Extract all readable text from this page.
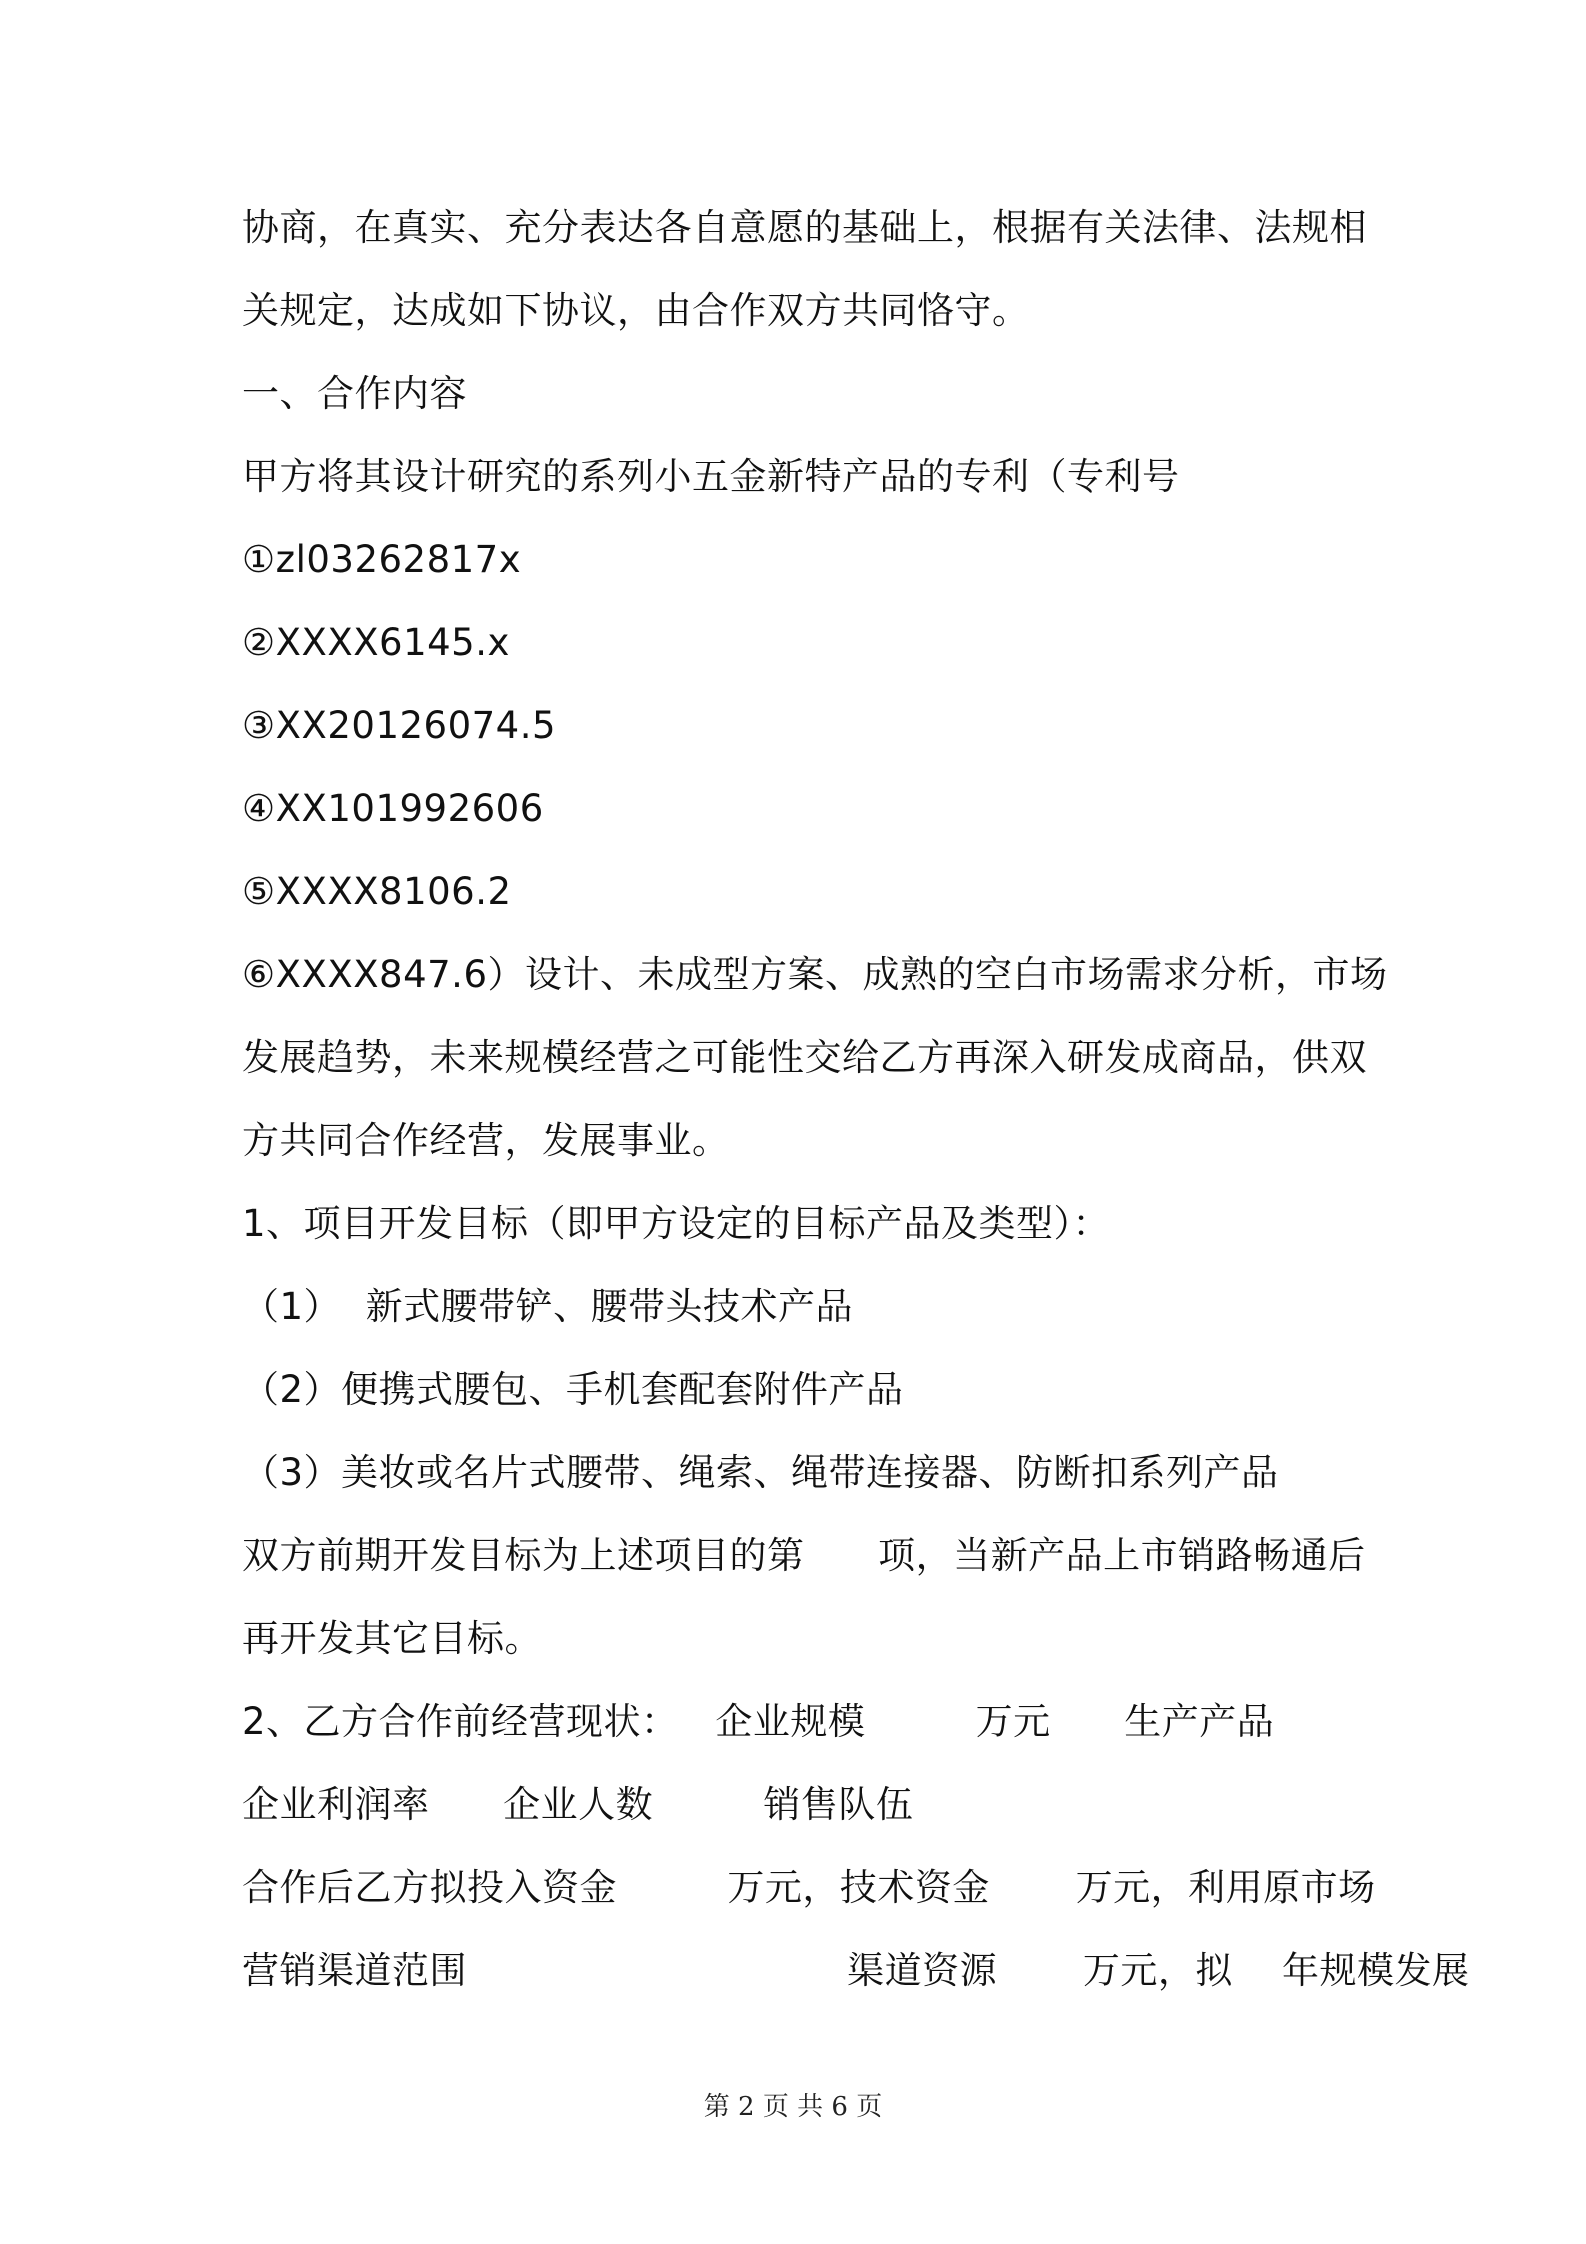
协商，在真实、充分表达各自意愿的基础上，根据有关法律、法规相
关规定，达成如下协议，由合作双方共同恪守。
一、合作内容
甲方将其设计研究的系列小五金新特产品的专利（专利号
①zl03262817x
②XXXX6145.x
③XX20126074.5
④XX101992606
⑤XXXX8106.2
⑥XXXX847.6）设计、未成型方案、成熟的空白市场需求分析，市场
发展趋势，未来规模经营之可能性交给乙方再深入研发成商品，供双
方共同合作经营，发展事业。
1、项目开发目标（即甲方设定的目标产品及类型）：
（1）  新式腰带铲、腰带头技术产品
（2）便携式腰包、手机套配套附件产品
（3）美妆或名片式腰带、绳索、绳带连接器、防断扣系列产品
双方前期开发目标为上述项目的第      项，当新产品上市销路畅通后
再开发其它目标。
2、乙方合作前经营现状：   企业规模         万元      生产产品
企业利润率      企业人数         销售队伍
合作后乙方拟投入资金         万元，技术资金       万元，利用原市场
营销渠道范围                               渠道资源       万元，拟    年规模发展
第 2 页 共 6 页
